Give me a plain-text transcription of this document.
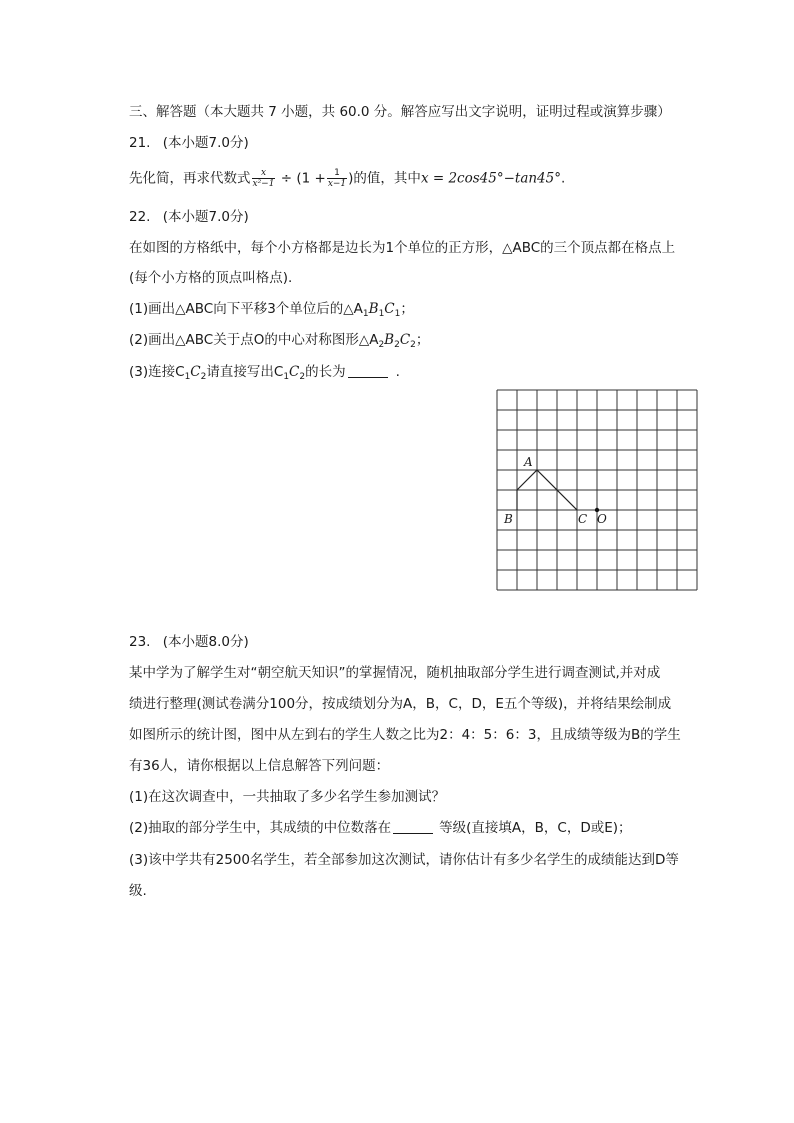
三、解答题（本大题共 7 小题，共 60.0 分。解答应写出文字说明，证明过程或演算步骤）
21. (本小题7.0分)
先化简，再求代数式 $\frac{x}{\text{x²−1}} \div (1 + \frac{1}{x-1}$ )的值，其中x = 2cos45°−tan45°.
22. (本小题7.0分)
在如图的方格纸中，每个小方格都是边长为1个单位的正方形，△ABC的三个顶点都在格点上
(每个小方格的顶点叫格点).
(1)画出△ABC向下平移3个单位后的$\triangle A_1B_1C_1$；
(2)画出△ABC关于点O的中心对称图形$\triangle A_2B_2C_2$；
(3)连接$C_1C_2$请直接写出$C_1C_2$的长为	.
A
B	C O
23. (本小题8.0分)
某中学为了解学生对“朝空航天知识”的掌握情况，随机抽取部分学生进行调查测试,并对成
绩进行整理(测试卷满分100分，按成绩划分为A，B，C，D，E五个等级)，并将结果绘制成
如图所示的统计图，图中从左到右的学生人数之比为2：4：5：6：3，且成绩等级为B的学生
有36人，请你根据以上信息解答下列问题：
(1)在这次调查中，一共抽取了多少名学生参加测试？
(2)抽取的部分学生中，其成绩的中位数落在	等级(直接填A，B，C，D或E)；
(3)该中学共有2500名学生，若全部参加这次测试，请你估计有多少名学生的成绩能达到D等
级.
